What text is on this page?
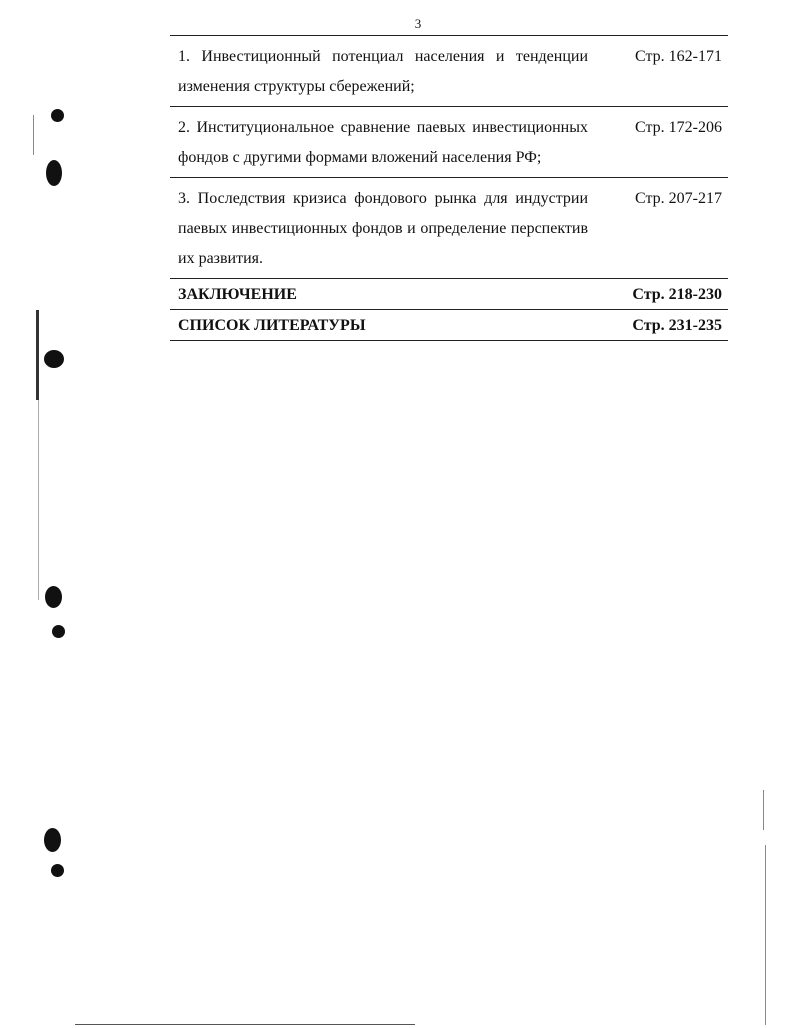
3
1. Инвестиционный потенциал населения и тенденции изменения структуры сбережений;
Стр. 162-171
2. Институциональное сравнение паевых инвестиционных фондов с другими формами вложений населения РФ;
Стр. 172-206
3. Последствия кризиса фондового рынка для индустрии паевых инвестиционных фондов и определение перспектив их развития.
Стр. 207-217
ЗАКЛЮЧЕНИЕ	Стр. 218-230
СПИСОК ЛИТЕРАТУРЫ	Стр. 231-235
